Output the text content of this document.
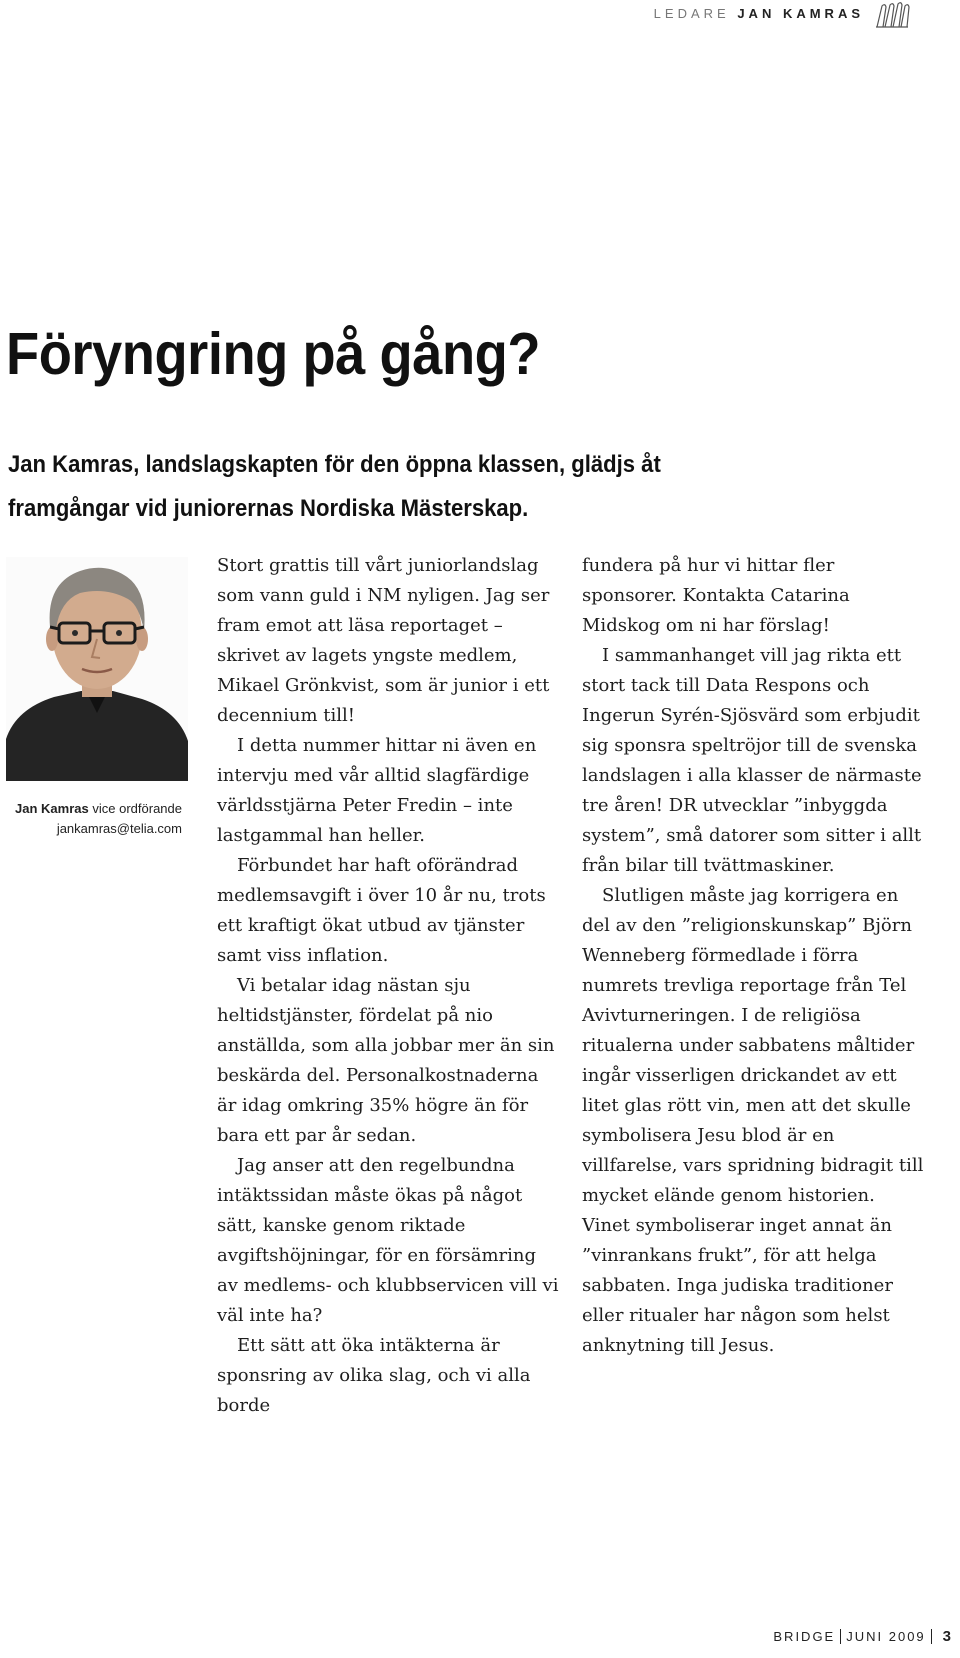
LEDARE JAN KAMRAS
Föryngring på gång?
Jan Kamras, landslagskapten för den öppna klassen, glädjs åt framgångar vid juniorernas Nordiska Mästerskap.
Jan Kamras vice ordförande
jankamras@telia.com

Stort grattis till vårt juniorlandslag som vann guld i NM nyligen. Jag ser fram emot att läsa reportaget – skrivet av lagets yngste medlem, Mikael Grönkvist, som är junior i ett decennium till!

I detta nummer hittar ni även en intervju med vår alltid slagfärdige världsstjärna Peter Fredin – inte lastgammal han heller.

Förbundet har haft oförändrad medlemsavgift i över 10 år nu, trots ett kraftigt ökat utbud av tjänster samt viss inflation.

Vi betalar idag nästan sju heltidstjänster, fördelat på nio anställda, som alla jobbar mer än sin beskärda del. Personalkostnaderna är idag omkring 35% högre än för bara ett par år sedan.

Jag anser att den regelbundna intäktssidan måste ökas på något sätt, kanske genom riktade avgiftshöjningar, för en försämring av medlems- och klubbservicen vill vi väl inte ha?

Ett sätt att öka intäkterna är sponsring av olika slag, och vi alla borde

fundera på hur vi hittar fler sponsorer. Kontakta Catarina Midskog om ni har förslag!

I sammanhanget vill jag rikta ett stort tack till Data Respons och Ingerun Syrén-Sjösvärd som erbjudit sig sponsra speltröjor till de svenska landslagen i alla klasser de närmaste tre åren! DR utvecklar ”inbyggda system”, små datorer som sitter i allt från bilar till tvättmaskiner.

Slutligen måste jag korrigera en del av den ”religionskunskap” Björn Wenneberg förmedlade i förra numrets trevliga reportage från Tel Avivturneringen. I de religiösa ritualerna under sabbatens måltider ingår visserligen drickandet av ett litet glas rött vin, men att det skulle symbolisera Jesu blod är en villfarelse, vars spridning bidragit till mycket elände genom historien. Vinet symboliserar inget annat än ”vinrankans frukt”, för att helga sabbaten. Inga judiska traditioner eller ritualer har någon som helst anknytning till Jesus.

BRIDGE JUNI 2009 3
